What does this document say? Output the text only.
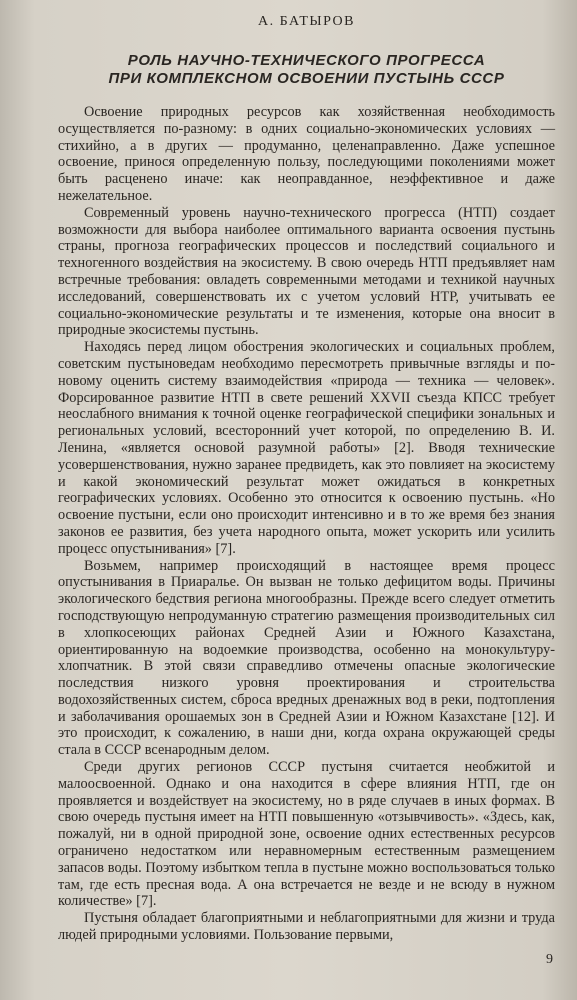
А. БАТЫРОВ
РОЛЬ НАУЧНО-ТЕХНИЧЕСКОГО ПРОГРЕССА
ПРИ КОМПЛЕКСНОМ ОСВОЕНИИ ПУСТЫНЬ СССР

Освоение природных ресурсов как хозяйственная необходимость осуществляется по-разному: в одних социально-экономических условиях — стихийно, а в других — продуманно, целенаправленно. Даже успешное освоение, принося определенную пользу, последующими поколениями может быть расценено иначе: как неоправданное, неэффективное и даже нежелательное.

Современный уровень научно-технического прогресса (НТП) создает возможности для выбора наиболее оптимального варианта освоения пустынь страны, прогноза географических процессов и последствий социального и техногенного воздействия на экосистему. В свою очередь НТП предъявляет нам встречные требования: овладеть современными методами и техникой научных исследований, совершенствовать их с учетом условий НТР, учитывать ее социально-экономические результаты и те изменения, которые она вносит в природные экосистемы пустынь.

Находясь перед лицом обострения экологических и социальных проблем, советским пустыноведам необходимо пересмотреть привычные взгляды и по-новому оценить систему взаимодействия «природа — техника — человек». Форсированное развитие НТП в свете решений XXVII съезда КПСС требует неослабного внимания к точной оценке географической специфики зональных и региональных условий, всесторонний учет которой, по определению В. И. Ленина, «является основой разумной работы» [2]. Вводя технические усовершенствования, нужно заранее предвидеть, как это повлияет на экосистему и какой экономический результат может ожидаться в конкретных географических условиях. Особенно это относится к освоению пустынь. «Но освоение пустыни, если оно происходит интенсивно и в то же время без знания законов ее развития, без учета народного опыта, может ускорить или усилить процесс опустынивания» [7].

Возьмем, например происходящий в настоящее время процесс опустынивания в Приаралье. Он вызван не только дефицитом воды. Причины экологического бедствия региона многообразны. Прежде всего следует отметить господствующую непродуманную стратегию размещения производительных сил в хлопкосеющих районах Средней Азии и Южного Казахстана, ориентированную на водоемкие производства, особенно на монокультуру-хлопчатник. В этой связи справедливо отмечены опасные экологические последствия низкого уровня проектирования и строительства водохозяйственных систем, сброса вредных дренажных вод в реки, подтопления и заболачивания орошаемых зон в Средней Азии и Южном Казахстане [12]. И это происходит, к сожалению, в наши дни, когда охрана окружающей среды стала в СССР всенародным делом.

Среди других регионов СССР пустыня считается необжитой и малоосвоенной. Однако и она находится в сфере влияния НТП, где он проявляется и воздействует на экосистему, но в ряде случаев в иных формах. В свою очередь пустыня имеет на НТП повышенную «отзывчивость». «Здесь, как, пожалуй, ни в одной природной зоне, освоение одних естественных ресурсов ограничено недостатком или неравномерным естественным размещением запасов воды. Поэтому избытком тепла в пустыне можно воспользоваться только там, где есть пресная вода. А она встречается не везде и не всюду в нужном количестве» [7].

Пустыня обладает благоприятными и неблагоприятными для жизни и труда людей природными условиями. Пользование первыми,

9
